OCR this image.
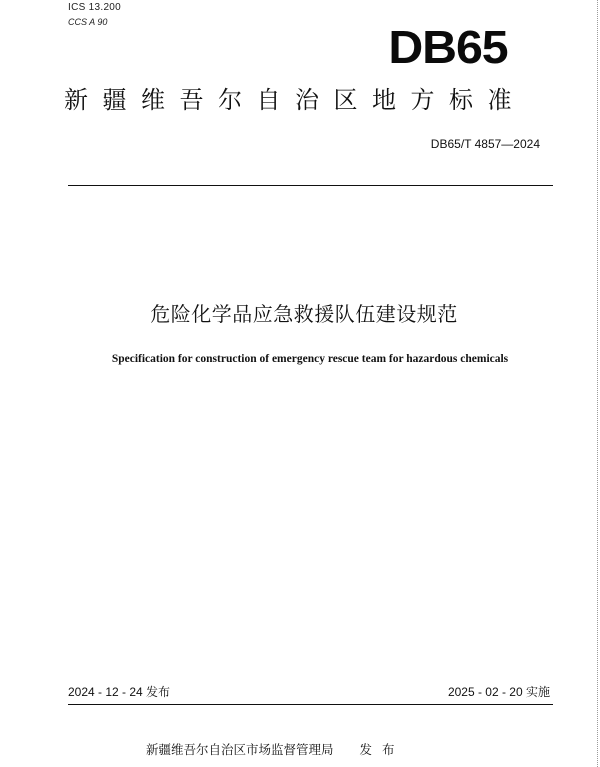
ICS 13.200
CCS A 90	DB65
新疆维吾尔自治区地方标准
DB65/T 4857—2024
危险化学品应急救援队伍建设规范
Specification for construction of emergency rescue team for hazardous chemicals
2024 - 12 - 24 发布	2025 - 02 - 20 实施
新疆维吾尔自治区市场监督管理局 发布
